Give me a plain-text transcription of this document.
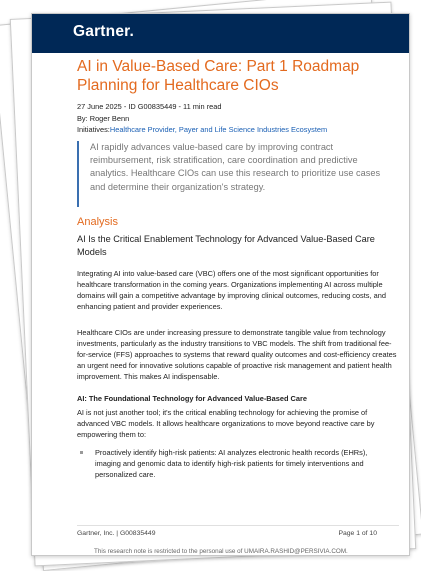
Gartner.
AI in Value-Based Care: Part 1 Roadmap Planning for Healthcare CIOs
27 June 2025 - ID G00835449 - 11 min read
By: Roger Benn
Initiatives:Healthcare Provider, Payer and Life Science Industries Ecosystem
AI rapidly advances value-based care by improving contract reimbursement, risk stratification, care coordination and predictive analytics. Healthcare CIOs can use this research to prioritize use cases and determine their organization's strategy.
Analysis
AI Is the Critical Enablement Technology for Advanced Value-Based Care Models
Integrating AI into value-based care (VBC) offers one of the most significant opportunities for healthcare transformation in the coming years. Organizations implementing AI across multiple domains will gain a competitive advantage by improving clinical outcomes, reducing costs, and enhancing patient and provider experiences.
Healthcare CIOs are under increasing pressure to demonstrate tangible value from technology investments, particularly as the industry transitions to VBC models. The shift from traditional fee-for-service (FFS) approaches to systems that reward quality outcomes and cost-efficiency creates an urgent need for innovative solutions capable of proactive risk management and patient health improvement. This makes AI indispensable.
AI: The Foundational Technology for Advanced Value-Based Care
AI is not just another tool; it's the critical enabling technology for achieving the promise of advanced VBC models. It allows healthcare organizations to move beyond reactive care by empowering them to:
Proactively identify high-risk patients: AI analyzes electronic health records (EHRs), imaging and genomic data to identify high-risk patients for timely interventions and personalized care.
Gartner, Inc. | G00835449	Page 1 of 10
This research note is restricted to the personal use of UMAIRA.RASHID@PERSIVIA.COM.
